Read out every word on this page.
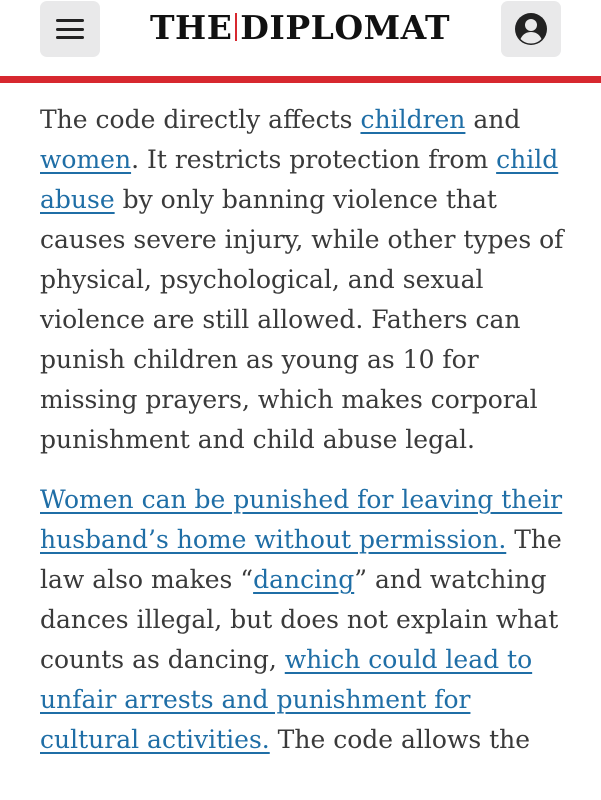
THE DIPLOMAT

The code directly affects children and women. It restricts protection from child abuse by only banning violence that causes severe injury, while other types of physical, psychological, and sexual violence are still allowed. Fathers can punish children as young as 10 for missing prayers, which makes corporal punishment and child abuse legal.

Women can be punished for leaving their husband’s home without permission. The law also makes “dancing” and watching dances illegal, but does not explain what counts as dancing, which could lead to unfair arrests and punishment for cultural activities. The code allows the
